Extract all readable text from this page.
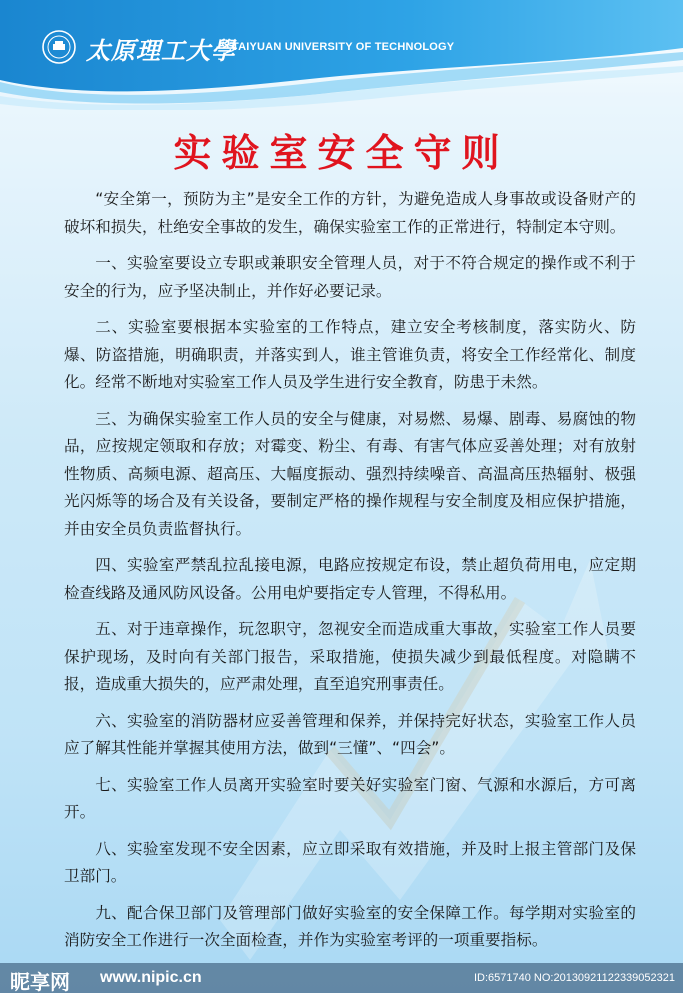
太原理工大學
TAIYUAN UNIVERSITY OF TECHNOLOGY
实验室安全守则

“安全第一，预防为主”是安全工作的方针，为避免造成人身事故或设备财产的破坏和损失，杜绝安全事故的发生，确保实验室工作的正常进行，特制定本守则。

一、实验室要设立专职或兼职安全管理人员，对于不符合规定的操作或不利于安全的行为，应予坚决制止，并作好必要记录。

二、实验室要根据本实验室的工作特点，建立安全考核制度，落实防火、防爆、防盗措施，明确职责，并落实到人，谁主管谁负责，将安全工作经常化、制度化。经常不断地对实验室工作人员及学生进行安全教育，防患于未然。

三、为确保实验室工作人员的安全与健康，对易燃、易爆、剧毒、易腐蚀的物品，应按规定领取和存放；对霉变、粉尘、有毒、有害气体应妥善处理；对有放射性物质、高频电源、超高压、大幅度振动、强烈持续噪音、高温高压热辐射、极强光闪烁等的场合及有关设备，要制定严格的操作规程与安全制度及相应保护措施，并由安全员负责监督执行。

四、实验室严禁乱拉乱接电源，电路应按规定布设，禁止超负荷用电，应定期检查线路及通风防风设备。公用电炉要指定专人管理，不得私用。

五、对于违章操作，玩忽职守，忽视安全而造成重大事故，实验室工作人员要保护现场，及时向有关部门报告，采取措施，使损失减少到最低程度。对隐瞒不报，造成重大损失的，应严肃处理，直至追究刑事责任。

六、实验室的消防器材应妥善管理和保养，并保持完好状态，实验室工作人员应了解其性能并掌握其使用方法，做到“三懂”、“四会”。

七、实验室工作人员离开实验室时要关好实验室门窗、气源和水源后，方可离开。

八、实验室发现不安全因素，应立即采取有效措施，并及时上报主管部门及保卫部门。

九、配合保卫部门及管理部门做好实验室的安全保障工作。每学期对实验室的消防安全工作进行一次全面检查，并作为实验室考评的一项重要指标。

昵享网 www.nipic.cn	ID:6571740 NO:20130921122339052321
